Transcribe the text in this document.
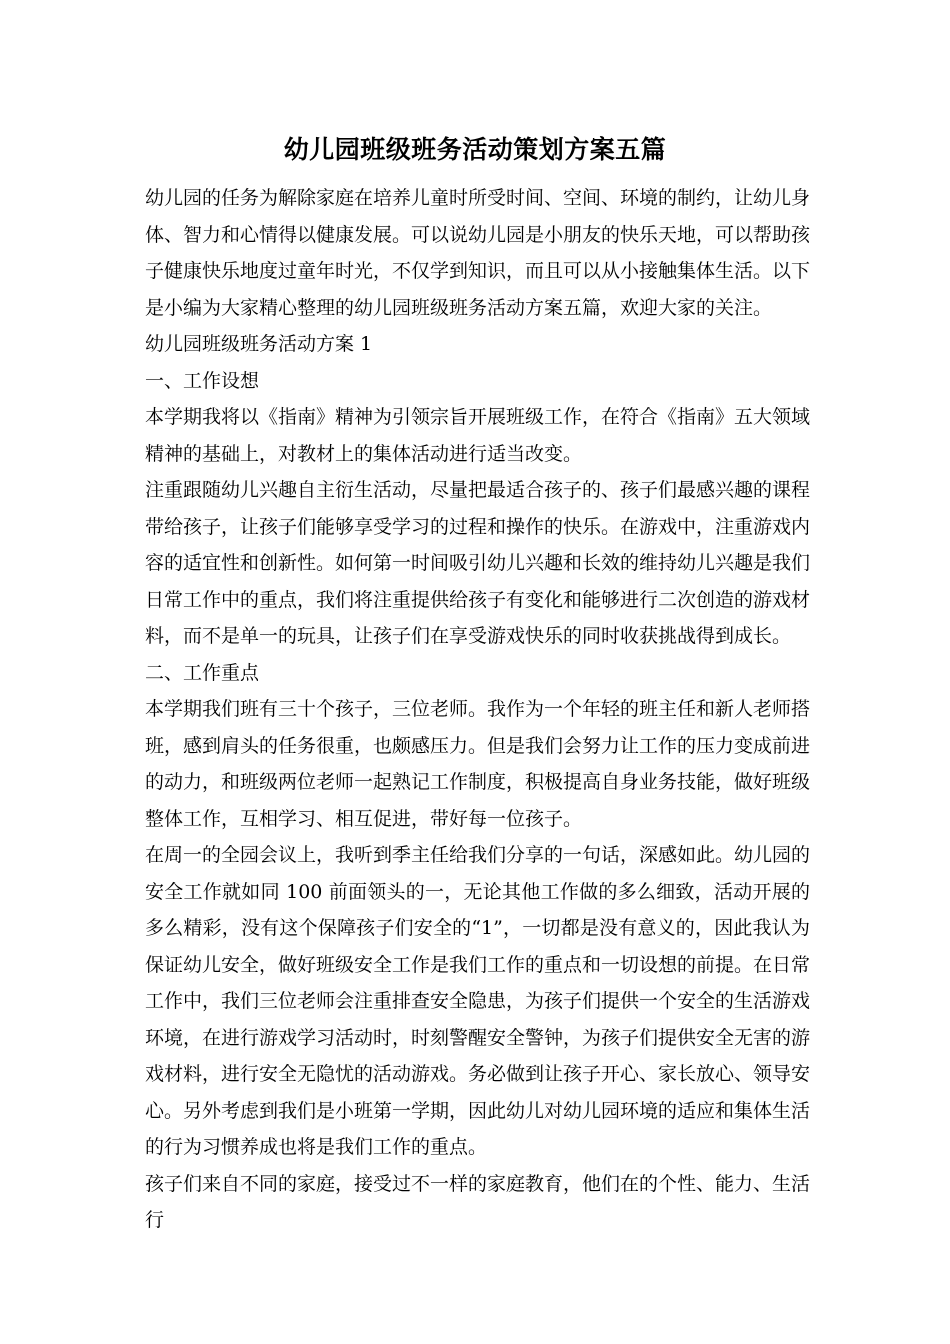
幼儿园班级班务活动策划方案五篇

幼儿园的任务为解除家庭在培养儿童时所受时间、空间、环境的制约，让幼儿身体、智力和心情得以健康发展。可以说幼儿园是小朋友的快乐天地，可以帮助孩子健康快乐地度过童年时光，不仅学到知识，而且可以从小接触集体生活。以下是小编为大家精心整理的幼儿园班级班务活动方案五篇，欢迎大家的关注。

幼儿园班级班务活动方案 1

一、工作设想

本学期我将以《指南》精神为引领宗旨开展班级工作，在符合《指南》五大领域精神的基础上，对教材上的集体活动进行适当改变。

注重跟随幼儿兴趣自主衍生活动，尽量把最适合孩子的、孩子们最感兴趣的课程带给孩子，让孩子们能够享受学习的过程和操作的快乐。在游戏中，注重游戏内容的适宜性和创新性。如何第一时间吸引幼儿兴趣和长效的维持幼儿兴趣是我们日常工作中的重点，我们将注重提供给孩子有变化和能够进行二次创造的游戏材料，而不是单一的玩具，让孩子们在享受游戏快乐的同时收获挑战得到成长。

二、工作重点

本学期我们班有三十个孩子，三位老师。我作为一个年轻的班主任和新人老师搭班，感到肩头的任务很重，也颇感压力。但是我们会努力让工作的压力变成前进的动力，和班级两位老师一起熟记工作制度，积极提高自身业务技能，做好班级整体工作，互相学习、相互促进，带好每一位孩子。

在周一的全园会议上，我听到季主任给我们分享的一句话，深感如此。幼儿园的安全工作就如同 100 前面领头的一，无论其他工作做的多么细致，活动开展的多么精彩，没有这个保障孩子们安全的“1”，一切都是没有意义的，因此我认为保证幼儿安全，做好班级安全工作是我们工作的重点和一切设想的前提。在日常工作中，我们三位老师会注重排查安全隐患，为孩子们提供一个安全的生活游戏环境，在进行游戏学习活动时，时刻警醒安全警钟，为孩子们提供安全无害的游戏材料，进行安全无隐忧的活动游戏。务必做到让孩子开心、家长放心、领导安心。另外考虑到我们是小班第一学期，因此幼儿对幼儿园环境的适应和集体生活的行为习惯养成也将是我们工作的重点。

孩子们来自不同的家庭，接受过不一样的家庭教育，他们在的个性、能力、生活行
